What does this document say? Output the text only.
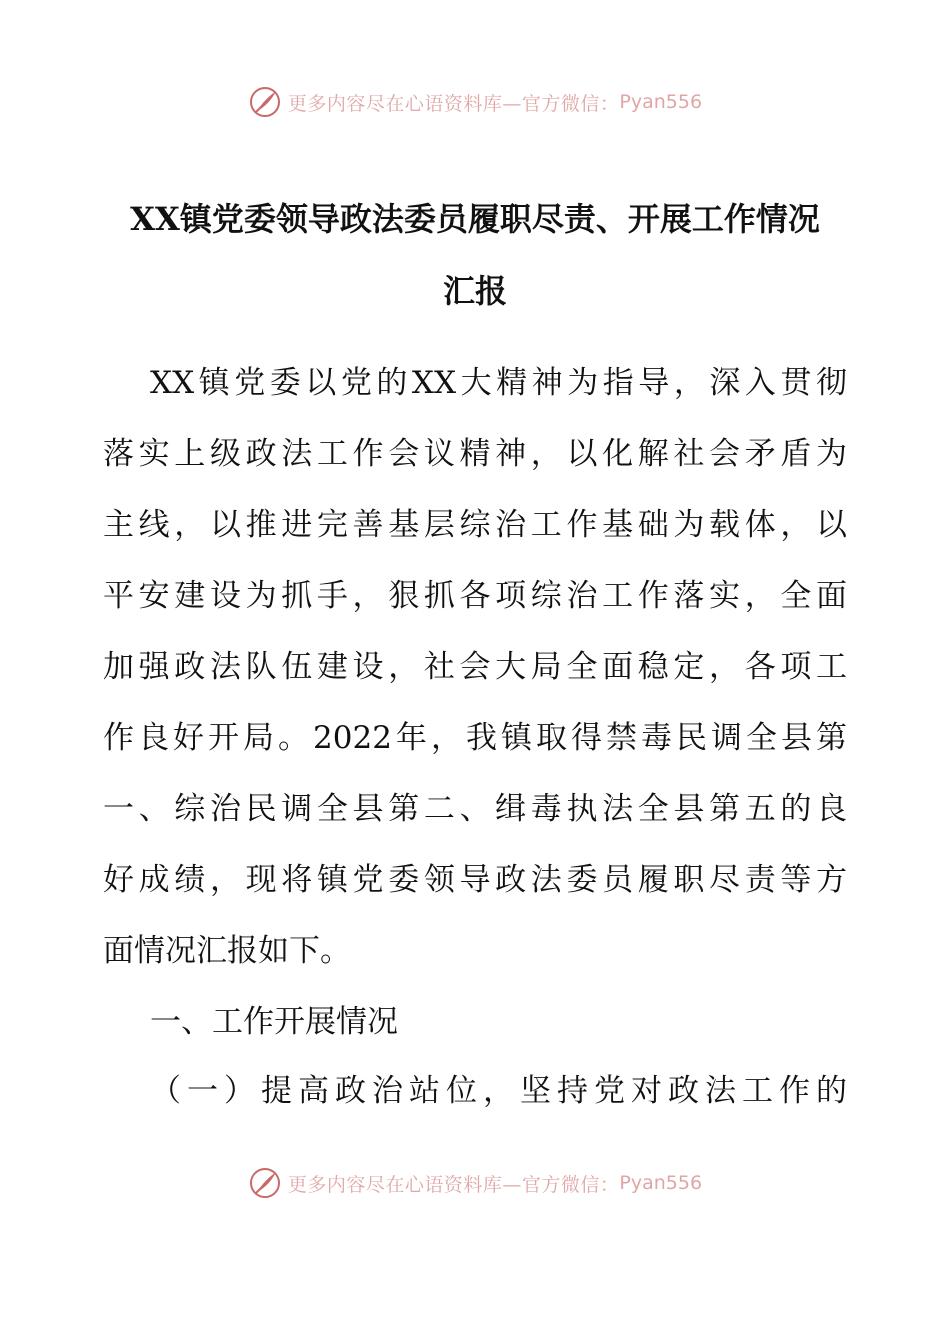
更多内容尽在心语资料库—官方微信： Pyan556
XX镇党委领导政法委员履职尽责、开展工作情况
汇报

XX镇党委以党的XX大精神为指导，深入贯彻

落实上级政法工作会议精神，以化解社会矛盾为

主线，以推进完善基层综治工作基础为载体，以

平安建设为抓手，狠抓各项综治工作落实，全面

加强政法队伍建设，社会大局全面稳定，各项工

作良好开局。2022年，我镇取得禁毒民调全县第

一、综治民调全县第二、缉毒执法全县第五的良

好成绩，现将镇党委领导政法委员履职尽责等方

面情况汇报如下。

一、工作开展情况

（一）提高政治站位，坚持党对政法工作的

更多内容尽在心语资料库—官方微信： Pyan556
